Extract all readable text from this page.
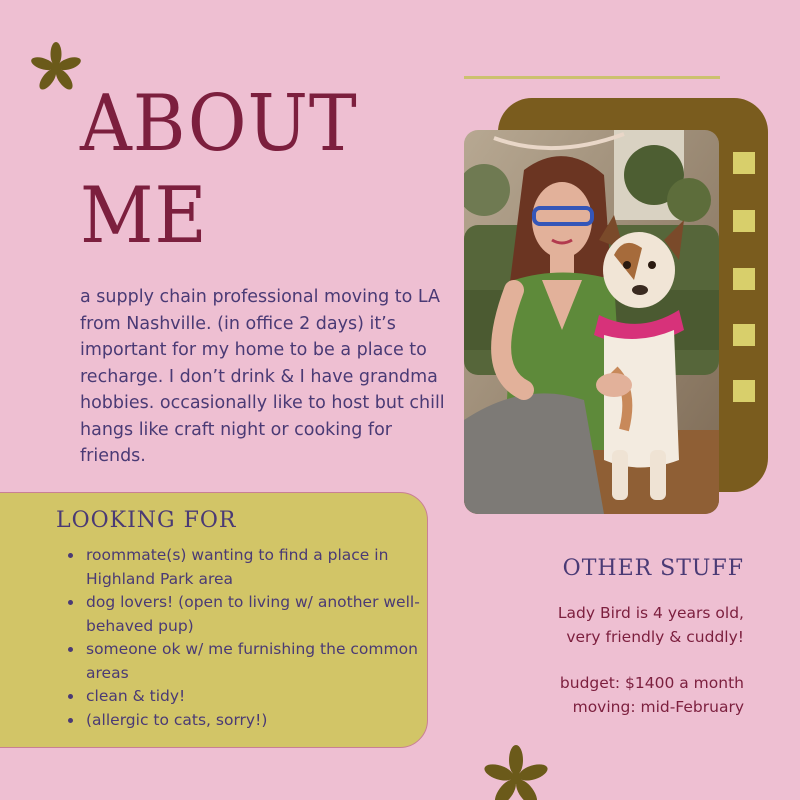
ABOUT
ME
a supply chain professional moving to LA from Nashville. (in office 2 days) it’s important for my home to be a place to recharge. I don’t drink & I have grandma hobbies. occasionally like to host but chill hangs like craft night or cooking for friends.
LOOKING FOR
• roommate(s) wanting to find a place in Highland Park area
• dog lovers! (open to living w/ another well-behaved pup)
• someone ok w/ me furnishing the common areas
• clean & tidy!
• (allergic to cats, sorry!)
OTHER STUFF
Lady Bird is 4 years old,
very friendly & cuddly!
budget: $1400 a month
moving: mid-February
